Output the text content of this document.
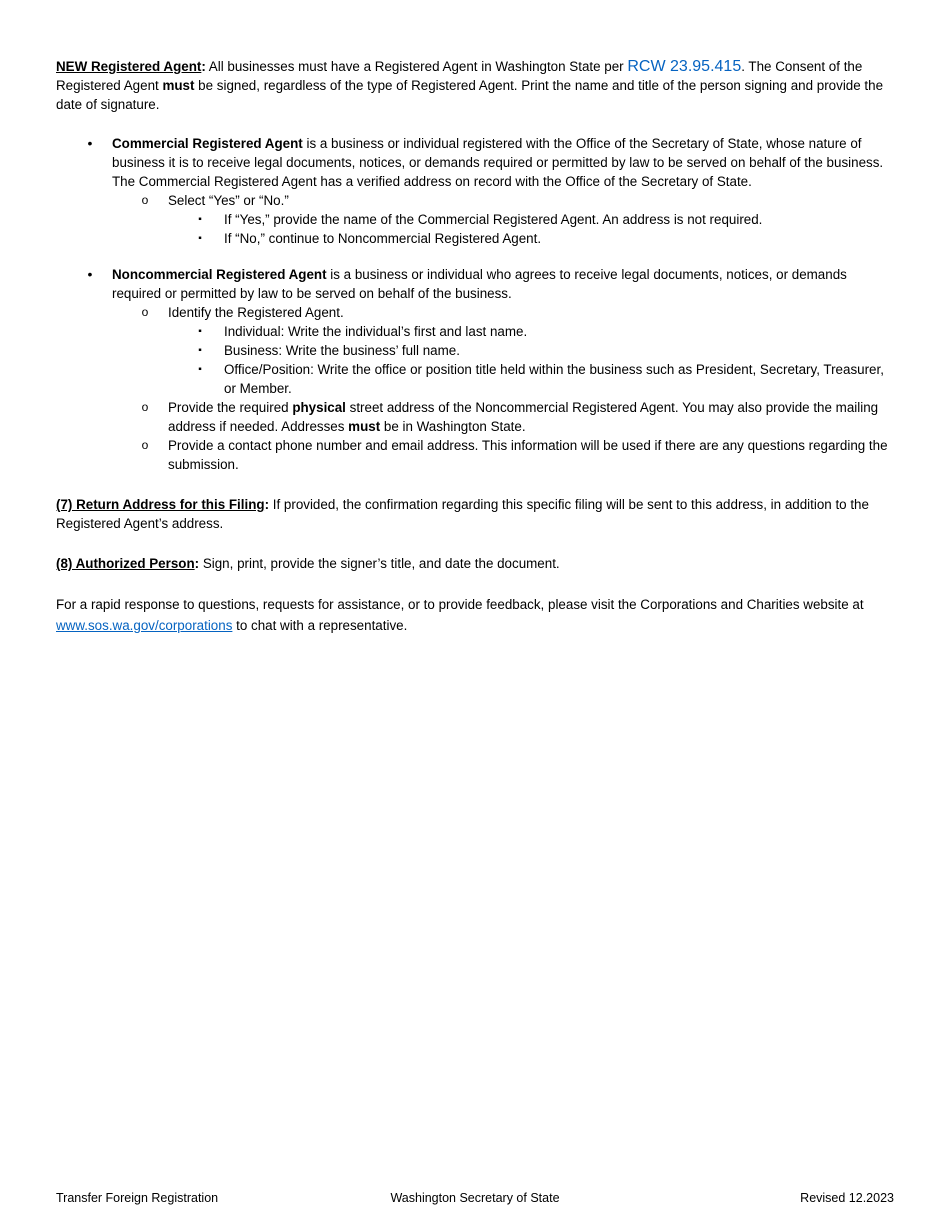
NEW Registered Agent: All businesses must have a Registered Agent in Washington State per RCW 23.95.415. The Consent of the Registered Agent must be signed, regardless of the type of Registered Agent. Print the name and title of the person signing and provide the date of signature.

•	Commercial Registered Agent is a business or individual registered with the Office of the Secretary of State, whose nature of business it is to receive legal documents, notices, or demands required or permitted by law to be served on behalf of the business. The Commercial Registered Agent has a verified address on record with the Office of the Secretary of State.

o	Select “Yes” or “No.”

▪	If “Yes,” provide the name of the Commercial Registered Agent. An address is not required.

▪	If “No,” continue to Noncommercial Registered Agent.

•	Noncommercial Registered Agent is a business or individual who agrees to receive legal documents, notices, or demands required or permitted by law to be served on behalf of the business.

o	Identify the Registered Agent.

▪	Individual: Write the individual’s first and last name.

▪	Business: Write the business’ full name.

▪	Office/Position: Write the office or position title held within the business such as President, Secretary, Treasurer, or Member.

o	Provide the required physical street address of the Noncommercial Registered Agent. You may also provide the mailing address if needed. Addresses must be in Washington State.

o	Provide a contact phone number and email address. This information will be used if there are any questions regarding the submission.

(7) Return Address for this Filing: If provided, the confirmation regarding this specific filing will be sent to this address, in addition to the Registered Agent’s address.

(8) Authorized Person: Sign, print, provide the signer’s title, and date the document.

For a rapid response to questions, requests for assistance, or to provide feedback, please visit the Corporations and Charities website at www.sos.wa.gov/corporations to chat with a representative.

Transfer Foreign Registration	Washington Secretary of State	Revised 12.2023
